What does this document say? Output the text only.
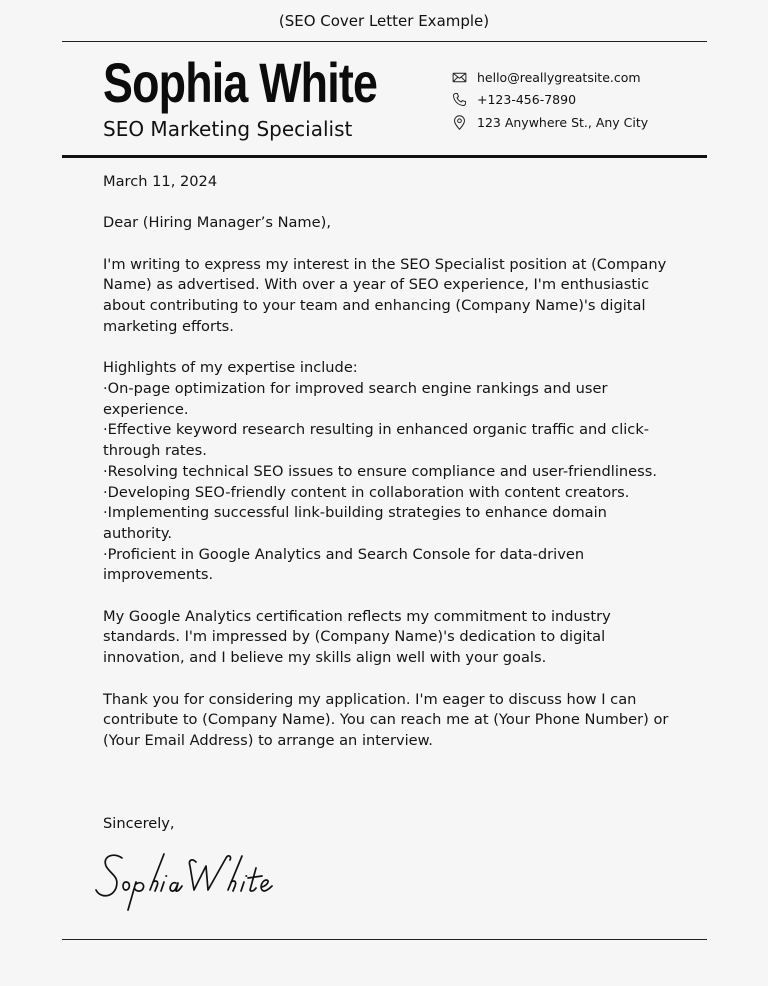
(SEO Cover Letter Example)
Sophia White
SEO Marketing Specialist
hello@reallygreatsite.com
+123-456-7890
123 Anywhere St., Any City

March 11, 2024

Dear (Hiring Manager’s Name),

I'm writing to express my interest in the SEO Specialist position at (Company Name) as advertised. With over a year of SEO experience, I'm enthusiastic about contributing to your team and enhancing (Company Name)'s digital marketing efforts.

Highlights of my expertise include:

·On-page optimization for improved search engine rankings and user experience.

·Effective keyword research resulting in enhanced organic traffic and click-through rates.

·Resolving technical SEO issues to ensure compliance and user-friendliness.

·Developing SEO-friendly content in collaboration with content creators.

·Implementing successful link-building strategies to enhance domain authority.

·Proficient in Google Analytics and Search Console for data-driven improvements.

My Google Analytics certification reflects my commitment to industry standards. I'm impressed by (Company Name)'s dedication to digital innovation, and I believe my skills align well with your goals.

Thank you for considering my application. I'm eager to discuss how I can contribute to (Company Name). You can reach me at (Your Phone Number) or (Your Email Address) to arrange an interview.

Sincerely,
